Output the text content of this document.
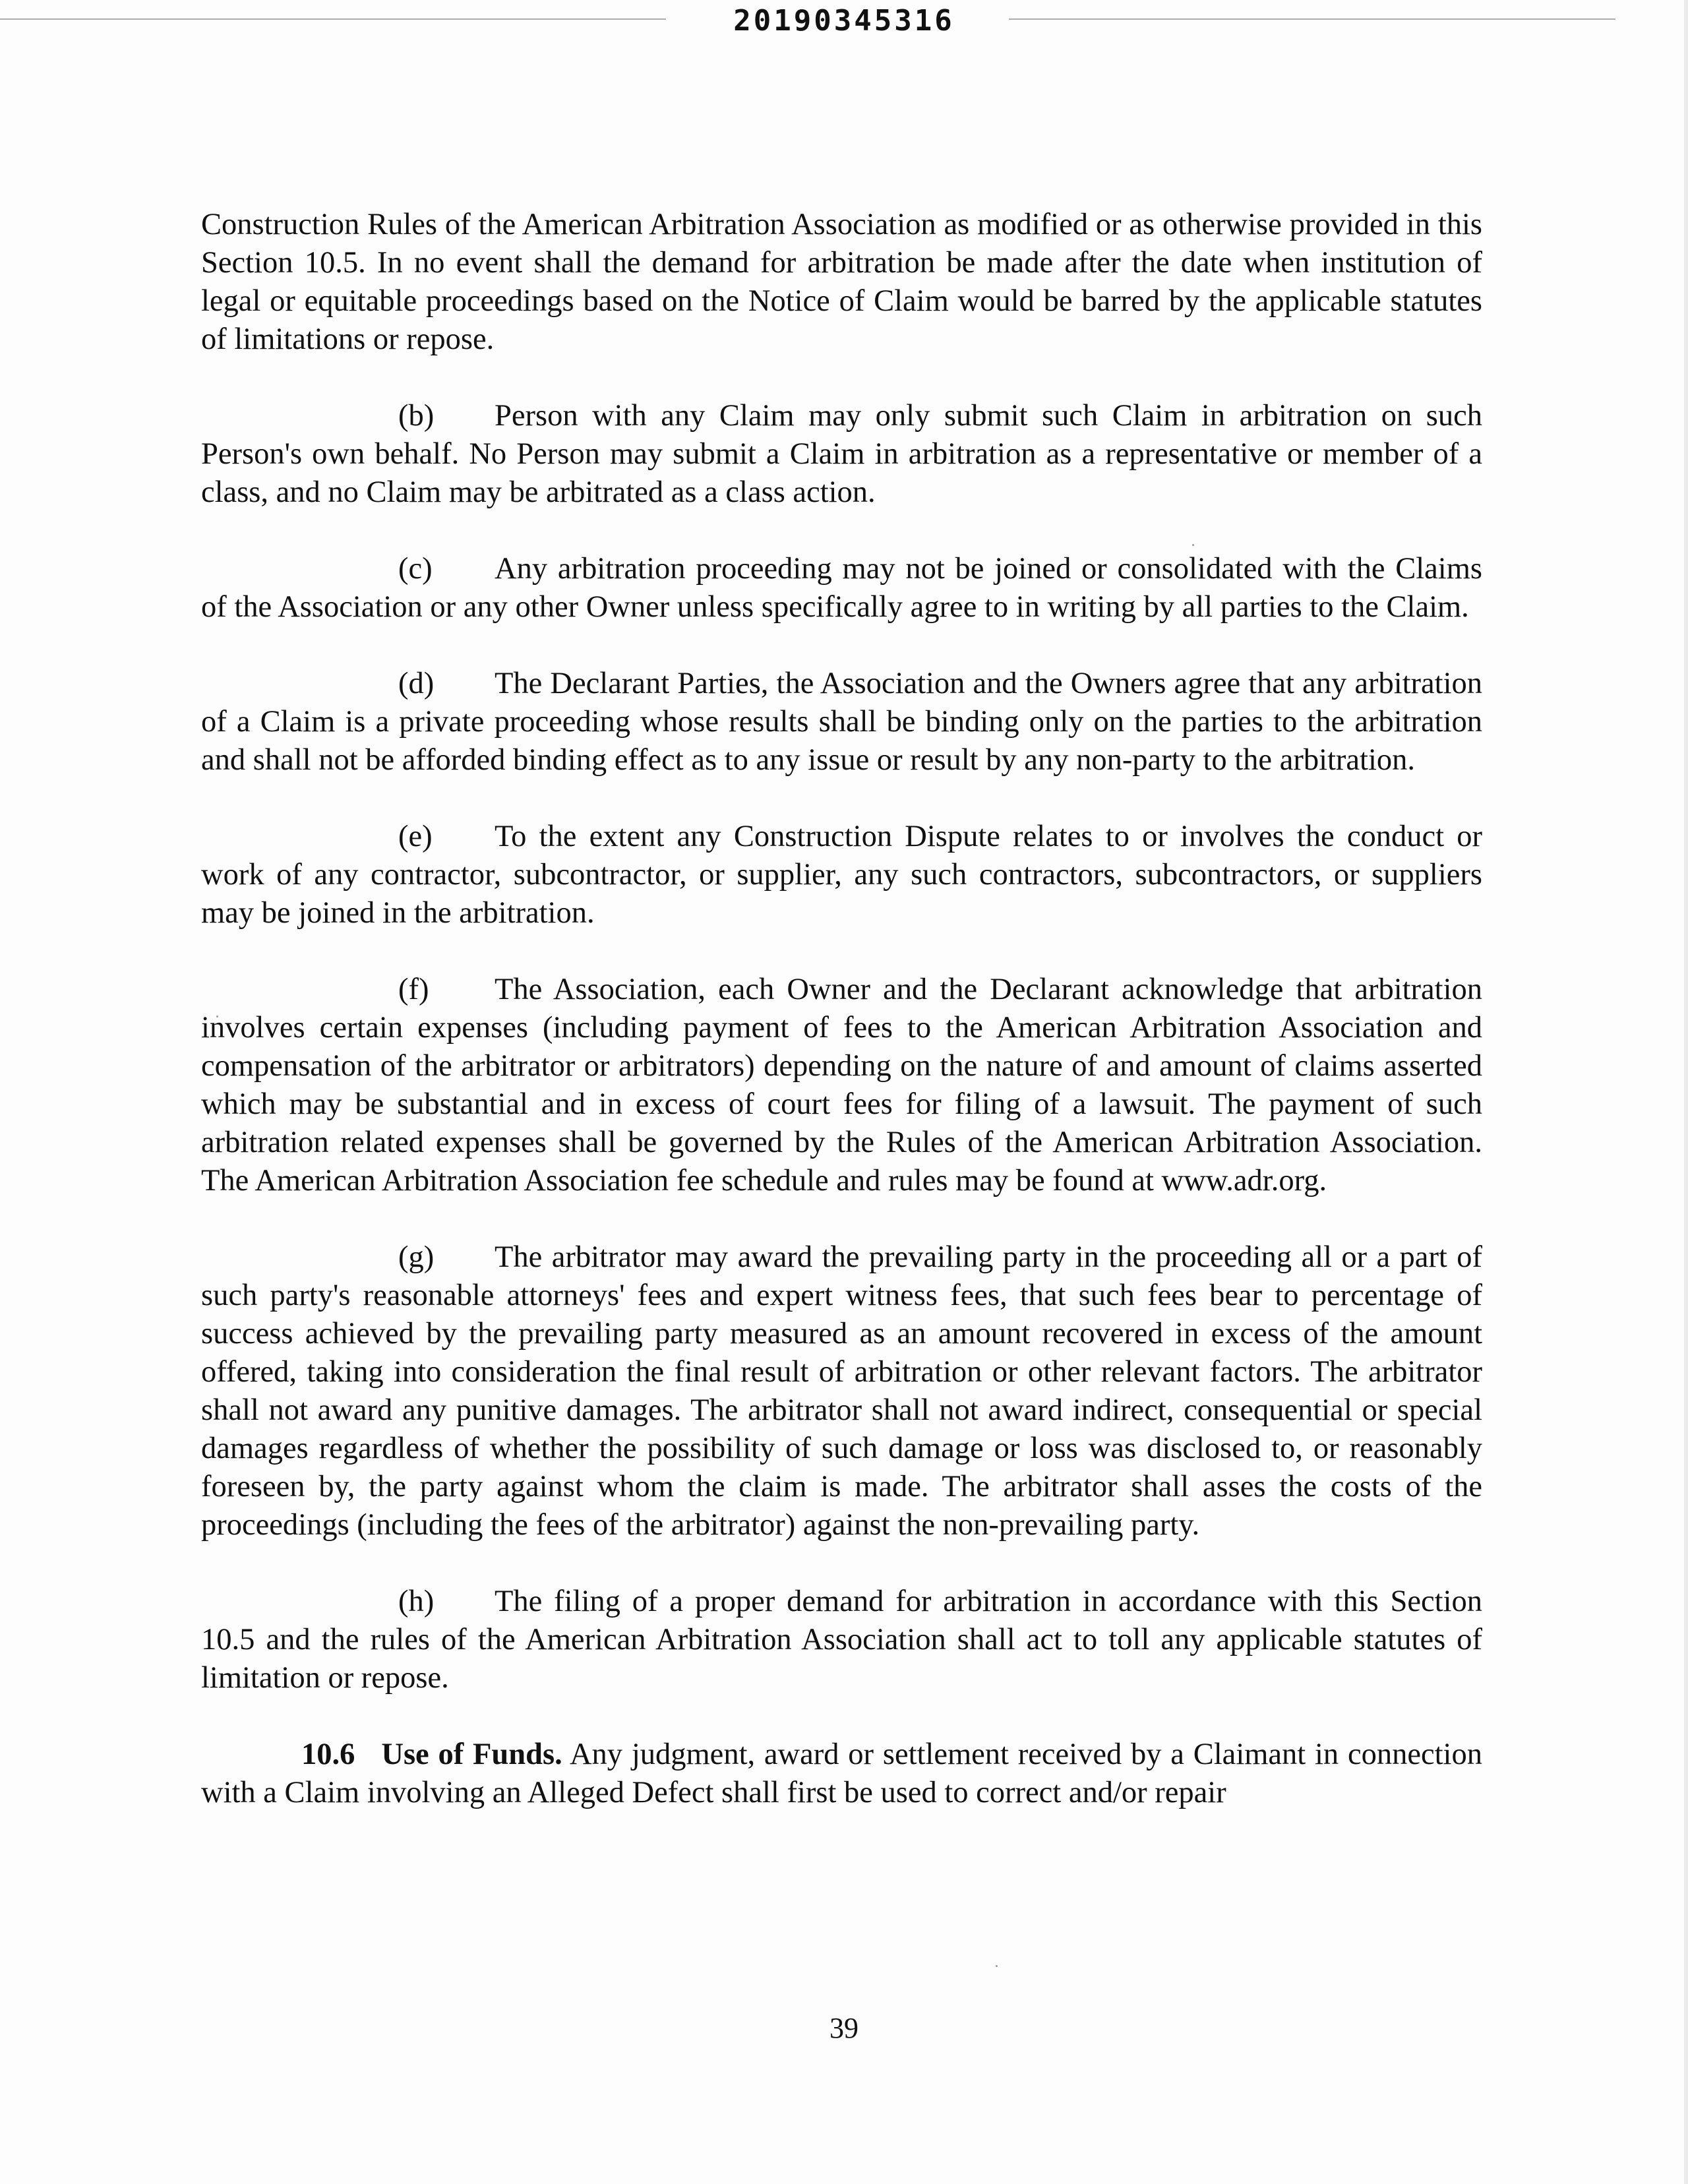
20190345316

Construction Rules of the American Arbitration Association as modified or as otherwise provided in this Section 10.5. In no event shall the demand for arbitration be made after the date when institution of legal or equitable proceedings based on the Notice of Claim would be barred by the applicable statutes of limitations or repose.

(b) Person with any Claim may only submit such Claim in arbitration on such Person's own behalf. No Person may submit a Claim in arbitration as a representative or member of a class, and no Claim may be arbitrated as a class action.

(c) Any arbitration proceeding may not be joined or consolidated with the Claims of the Association or any other Owner unless specifically agree to in writing by all parties to the Claim.

(d) The Declarant Parties, the Association and the Owners agree that any arbitration of a Claim is a private proceeding whose results shall be binding only on the parties to the arbitration and shall not be afforded binding effect as to any issue or result by any non-party to the arbitration.

(e) To the extent any Construction Dispute relates to or involves the conduct or work of any contractor, subcontractor, or supplier, any such contractors, subcontractors, or suppliers may be joined in the arbitration.

(f) The Association, each Owner and the Declarant acknowledge that arbitration involves certain expenses (including payment of fees to the American Arbitration Association and compensation of the arbitrator or arbitrators) depending on the nature of and amount of claims asserted which may be substantial and in excess of court fees for filing of a lawsuit. The payment of such arbitration related expenses shall be governed by the Rules of the American Arbitration Association. The American Arbitration Association fee schedule and rules may be found at www.adr.org.

(g) The arbitrator may award the prevailing party in the proceeding all or a part of such party's reasonable attorneys' fees and expert witness fees, that such fees bear to percentage of success achieved by the prevailing party measured as an amount recovered in excess of the amount offered, taking into consideration the final result of arbitration or other relevant factors. The arbitrator shall not award any punitive damages. The arbitrator shall not award indirect, consequential or special damages regardless of whether the possibility of such damage or loss was disclosed to, or reasonably foreseen by, the party against whom the claim is made. The arbitrator shall asses the costs of the proceedings (including the fees of the arbitrator) against the non-prevailing party.

(h) The filing of a proper demand for arbitration in accordance with this Section 10.5 and the rules of the American Arbitration Association shall act to toll any applicable statutes of limitation or repose.

10.6 Use of Funds. Any judgment, award or settlement received by a Claimant in connection with a Claim involving an Alleged Defect shall first be used to correct and/or repair

39
